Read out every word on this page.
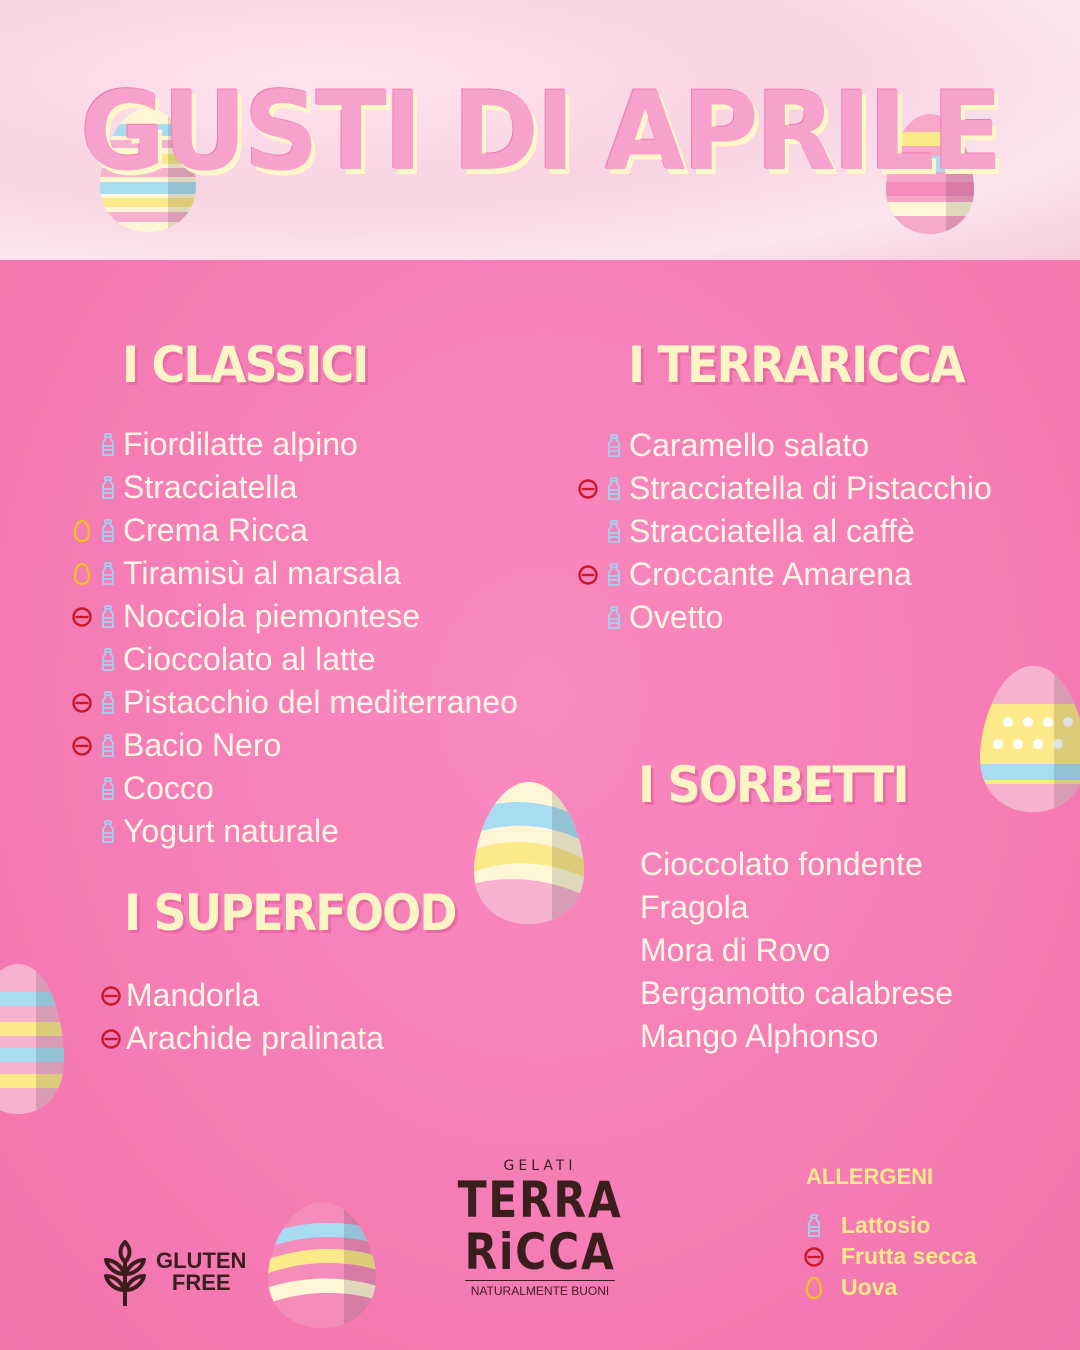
GUSTI DI APRILE
I CLASSICI
Fiordilatte alpino
Stracciatella
Crema Ricca
Tiramisù al marsala
Nocciola piemontese
Cioccolato al latte
Pistacchio del mediterraneo
Bacio Nero
Cocco
Yogurt naturale
I TERRARICCA
Caramello salato
Stracciatella di Pistacchio
Stracciatella al caffè
Croccante Amarena
Ovetto
I SUPERFOOD
Mandorla
Arachide pralinata
I SORBETTI
Cioccolato fondente
Fragola
Mora di Rovo
Bergamotto calabrese
Mango Alphonso
GLUTEN
FREE
GELATI
TERRA
RiCCA
NATURALMENTE BUONI
ALLERGENI
Lattosio
Frutta secca
Uova
